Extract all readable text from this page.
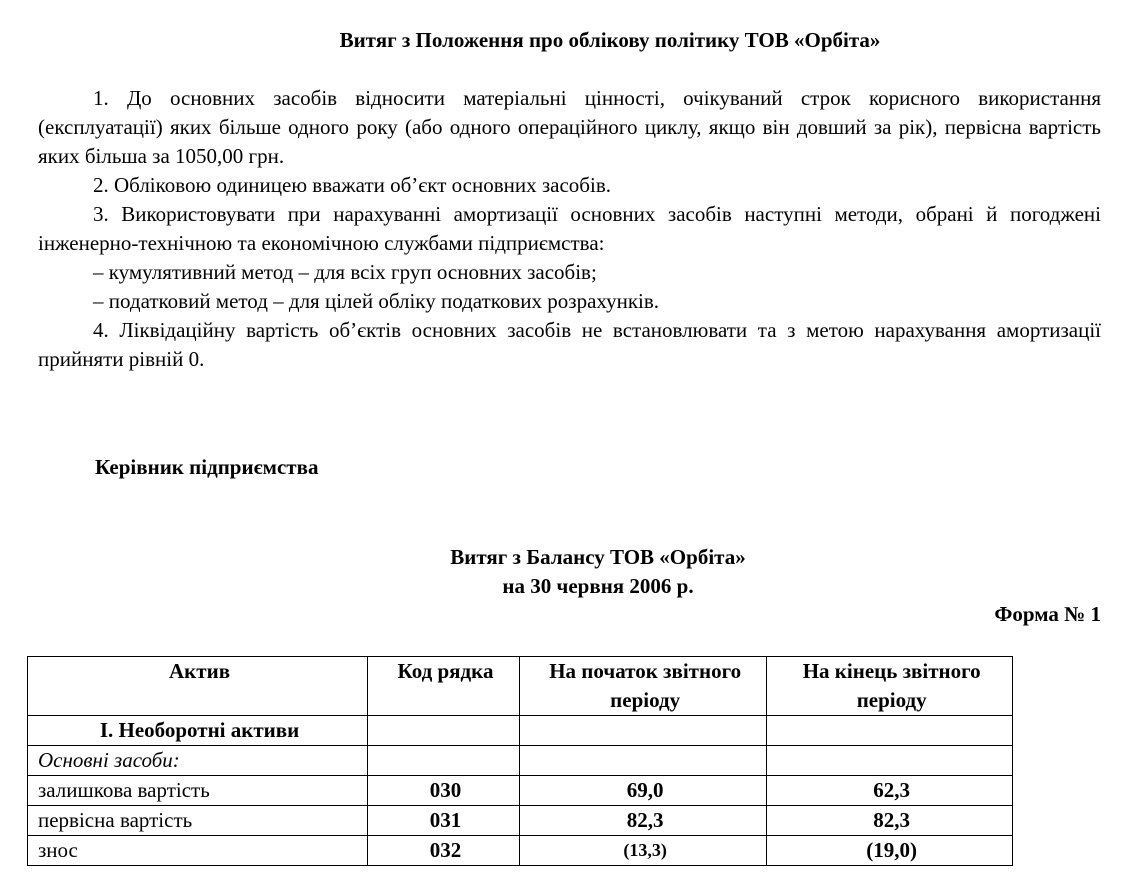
Витяг з Положення про облікову політику ТОВ «Орбіта»

1. До основних засобів відносити матеріальні цінності, очікуваний строк корисного використання (експлуатації) яких більше одного року (або одного операційного циклу, якщо він довший за рік), первісна вартість яких більша за 1050,00 грн.

2. Обліковою одиницею вважати об’єкт основних засобів.

3. Використовувати при нарахуванні амортизації основних засобів наступні методи, обрані й погоджені інженерно-технічною та економічною службами підприємства:

– кумулятивний метод – для всіх груп основних засобів;

– податковий метод – для цілей обліку податкових розрахунків.

4. Ліквідаційну вартість об’єктів основних засобів не встановлювати та з метою нарахування амортизації прийняти рівній 0.

Керівник підприємства
Витяг з Балансу ТОВ «Орбіта»
на 30 червня 2006 р.
Форма № 1
Актив	Код рядка	На початок звітного періоду	На кінець звітного періоду
І. Необоротні активи			
Основні засоби:			
залишкова вартість	030	69,0	62,3
первісна вартість	031	82,3	82,3
знос	032	(13,3)	(19,0)
